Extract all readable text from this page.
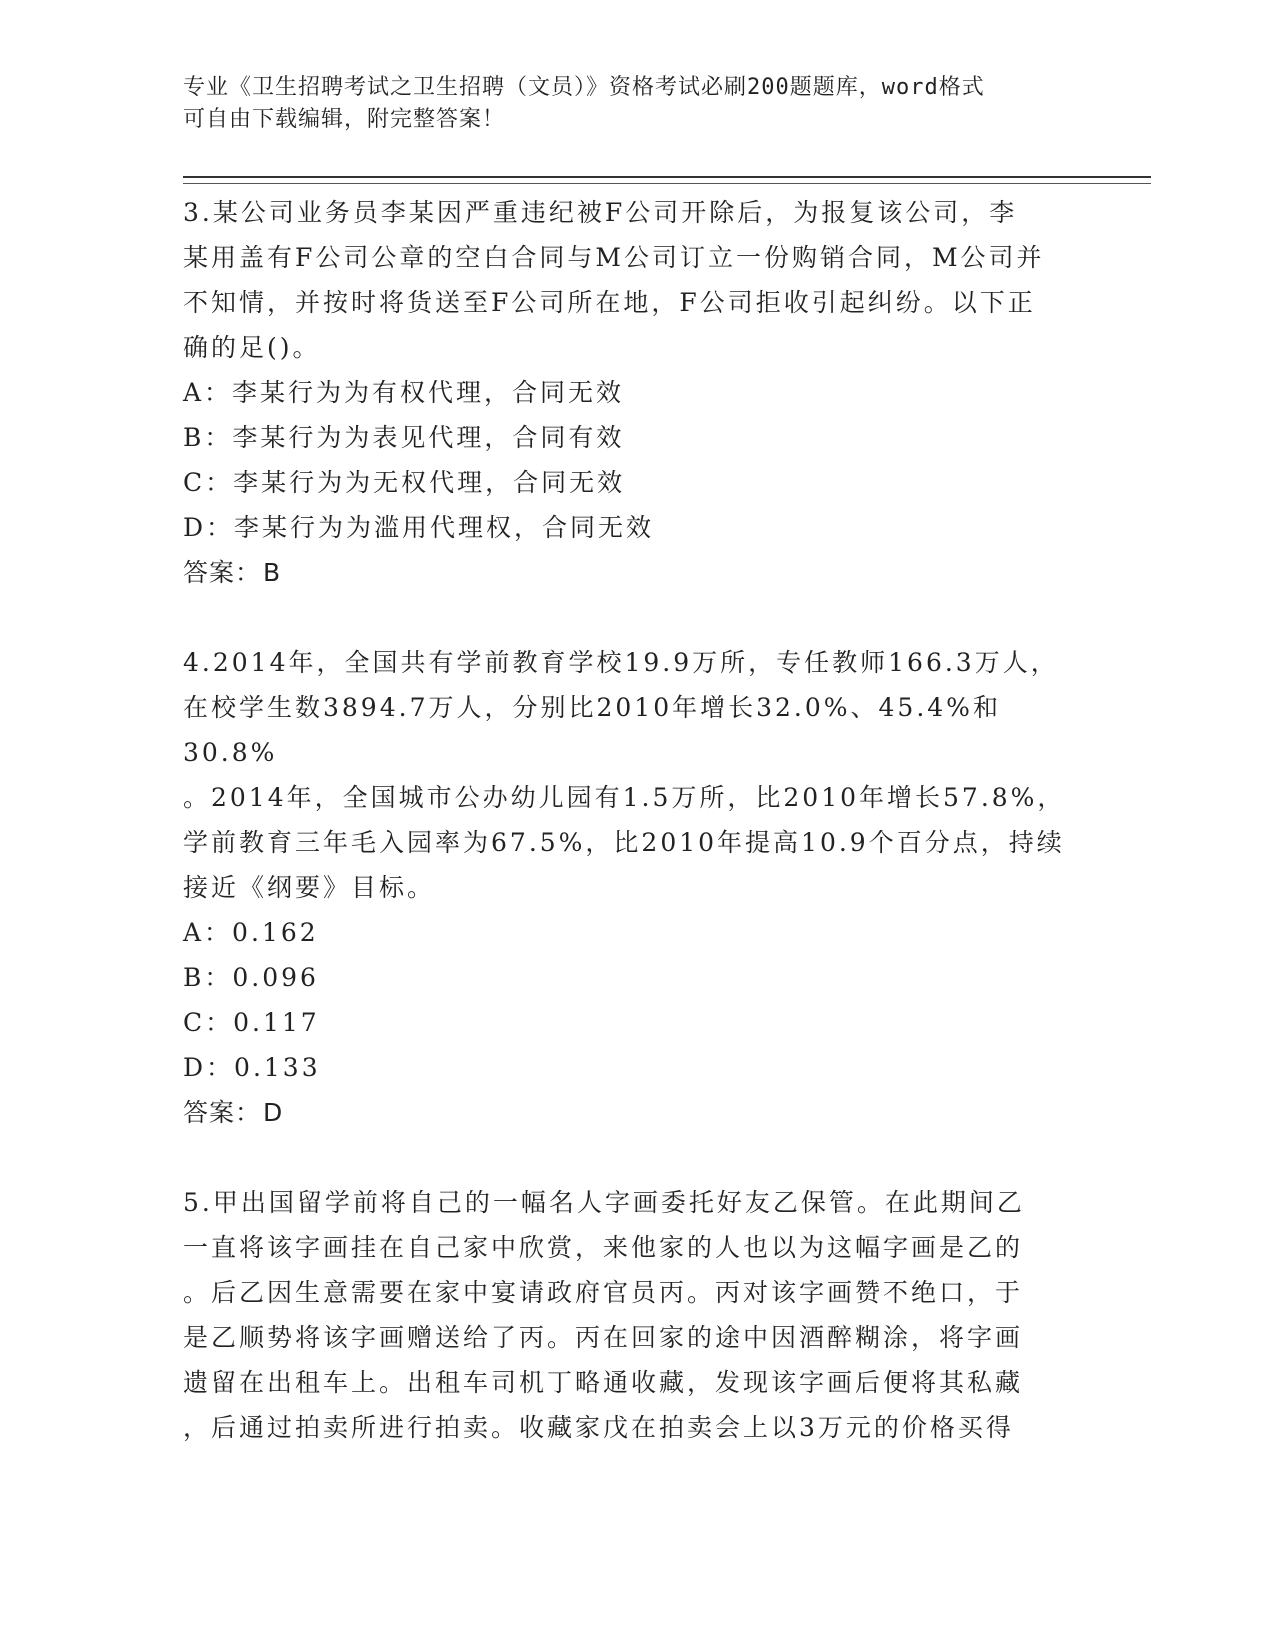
专业《卫生招聘考试之卫生招聘（文员）》资格考试必刷200题题库，word格式
可自由下载编辑，附完整答案！

3.某公司业务员李某因严重违纪被F公司开除后，为报复该公司，李

某用盖有F公司公章的空白合同与M公司订立一份购销合同，M公司并

不知情，并按时将货送至F公司所在地，F公司拒收引起纠纷。以下正

确的足()。

A：李某行为为有权代理，合同无效

B：李某行为为表见代理，合同有效

C：李某行为为无权代理，合同无效

D：李某行为为滥用代理权，合同无效

答案：B

4.2014年，全国共有学前教育学校19.9万所，专任教师166.3万人，

在校学生数3894.7万人，分别比2010年增长32.0%、45.4%和30.8%

。2014年，全国城市公办幼儿园有1.5万所，比2010年增长57.8%，

学前教育三年毛入园率为67.5%，比2010年提高10.9个百分点，持续

接近《纲要》目标。

A：0.162

B：0.096

C：0.117

D：0.133

答案：D

5.甲出国留学前将自己的一幅名人字画委托好友乙保管。在此期间乙

一直将该字画挂在自己家中欣赏，来他家的人也以为这幅字画是乙的

。后乙因生意需要在家中宴请政府官员丙。丙对该字画赞不绝口，于

是乙顺势将该字画赠送给了丙。丙在回家的途中因酒醉糊涂，将字画

遗留在出租车上。出租车司机丁略通收藏，发现该字画后便将其私藏

，后通过拍卖所进行拍卖。收藏家戊在拍卖会上以3万元的价格买得
